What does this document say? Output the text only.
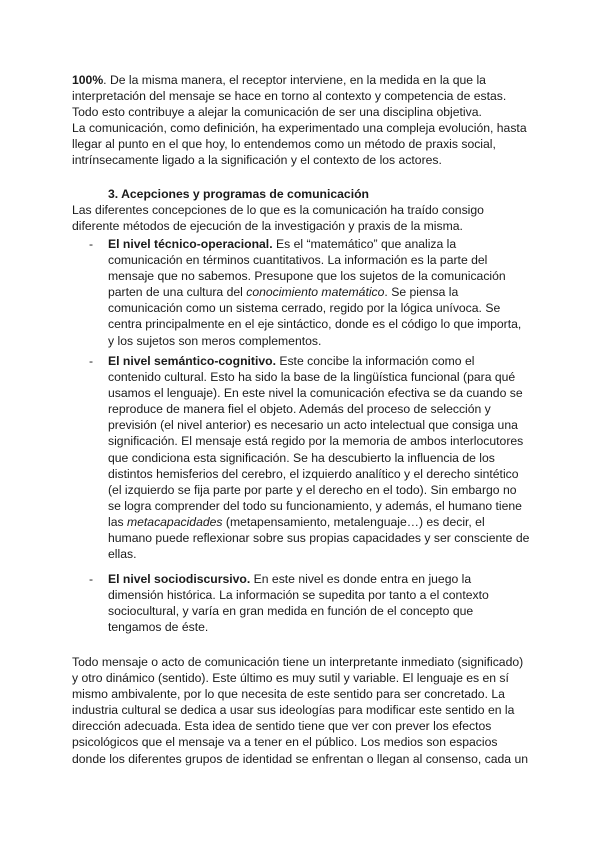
100%. De la misma manera, el receptor interviene, en la medida en la que la
interpretación del mensaje se hace en torno al contexto y competencia de estas.
Todo esto contribuye a alejar la comunicación de ser una disciplina objetiva.
La comunicación, como definición, ha experimentado una compleja evolución, hasta
llegar al punto en el que hoy, lo entendemos como un método de praxis social,
intrínsecamente ligado a la significación y el contexto de los actores.
3. Acepciones y programas de comunicación
Las diferentes concepciones de lo que es la comunicación ha traído consigo
diferente métodos de ejecución de la investigación y praxis de la misma.
- El nivel técnico-operacional. Es el “matemático” que analiza la
comunicación en términos cuantitativos. La información es la parte del
mensaje que no sabemos. Presupone que los sujetos de la comunicación
parten de una cultura del conocimiento matemático. Se piensa la
comunicación como un sistema cerrado, regido por la lógica unívoca. Se
centra principalmente en el eje sintáctico, donde es el código lo que importa,
y los sujetos son meros complementos.
- El nivel semántico-cognitivo. Este concibe la información como el
contenido cultural. Esto ha sido la base de la lingüística funcional (para qué
usamos el lenguaje). En este nivel la comunicación efectiva se da cuando se
reproduce de manera fiel el objeto. Además del proceso de selección y
previsión (el nivel anterior) es necesario un acto intelectual que consiga una
significación. El mensaje está regido por la memoria de ambos interlocutores
que condiciona esta significación. Se ha descubierto la influencia de los
distintos hemisferios del cerebro, el izquierdo analítico y el derecho sintético
(el izquierdo se fija parte por parte y el derecho en el todo). Sin embargo no
se logra comprender del todo su funcionamiento, y además, el humano tiene
las metacapacidades (metapensamiento, metalenguaje…) es decir, el
humano puede reflexionar sobre sus propias capacidades y ser consciente de
ellas.
- El nivel sociodiscursivo. En este nivel es donde entra en juego la
dimensión histórica. La información se supedita por tanto a el contexto
sociocultural, y varía en gran medida en función de el concepto que
tengamos de éste.
Todo mensaje o acto de comunicación tiene un interpretante inmediato (significado)
y otro dinámico (sentido). Este último es muy sutil y variable. El lenguaje es en sí
mismo ambivalente, por lo que necesita de este sentido para ser concretado. La
industria cultural se dedica a usar sus ideologías para modificar este sentido en la
dirección adecuada. Esta idea de sentido tiene que ver con prever los efectos
psicológicos que el mensaje va a tener en el público. Los medios son espacios
donde los diferentes grupos de identidad se enfrentan o llegan al consenso, cada un
